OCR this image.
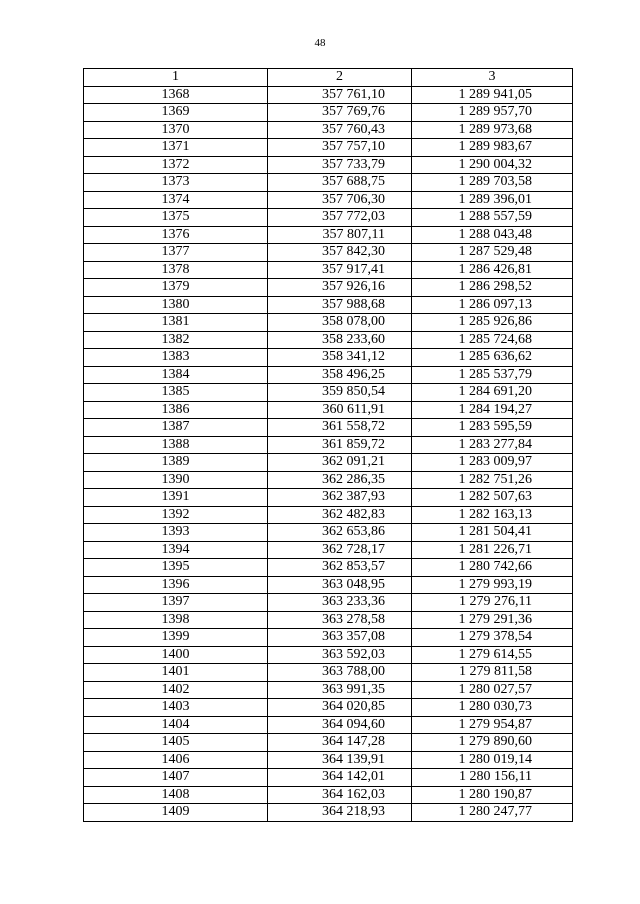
48
1	2	3
1368	357 761,10	1 289 941,05
1369	357 769,76	1 289 957,70
1370	357 760,43	1 289 973,68
1371	357 757,10	1 289 983,67
1372	357 733,79	1 290 004,32
1373	357 688,75	1 289 703,58
1374	357 706,30	1 289 396,01
1375	357 772,03	1 288 557,59
1376	357 807,11	1 288 043,48
1377	357 842,30	1 287 529,48
1378	357 917,41	1 286 426,81
1379	357 926,16	1 286 298,52
1380	357 988,68	1 286 097,13
1381	358 078,00	1 285 926,86
1382	358 233,60	1 285 724,68
1383	358 341,12	1 285 636,62
1384	358 496,25	1 285 537,79
1385	359 850,54	1 284 691,20
1386	360 611,91	1 284 194,27
1387	361 558,72	1 283 595,59
1388	361 859,72	1 283 277,84
1389	362 091,21	1 283 009,97
1390	362 286,35	1 282 751,26
1391	362 387,93	1 282 507,63
1392	362 482,83	1 282 163,13
1393	362 653,86	1 281 504,41
1394	362 728,17	1 281 226,71
1395	362 853,57	1 280 742,66
1396	363 048,95	1 279 993,19
1397	363 233,36	1 279 276,11
1398	363 278,58	1 279 291,36
1399	363 357,08	1 279 378,54
1400	363 592,03	1 279 614,55
1401	363 788,00	1 279 811,58
1402	363 991,35	1 280 027,57
1403	364 020,85	1 280 030,73
1404	364 094,60	1 279 954,87
1405	364 147,28	1 279 890,60
1406	364 139,91	1 280 019,14
1407	364 142,01	1 280 156,11
1408	364 162,03	1 280 190,87
1409	364 218,93	1 280 247,77
